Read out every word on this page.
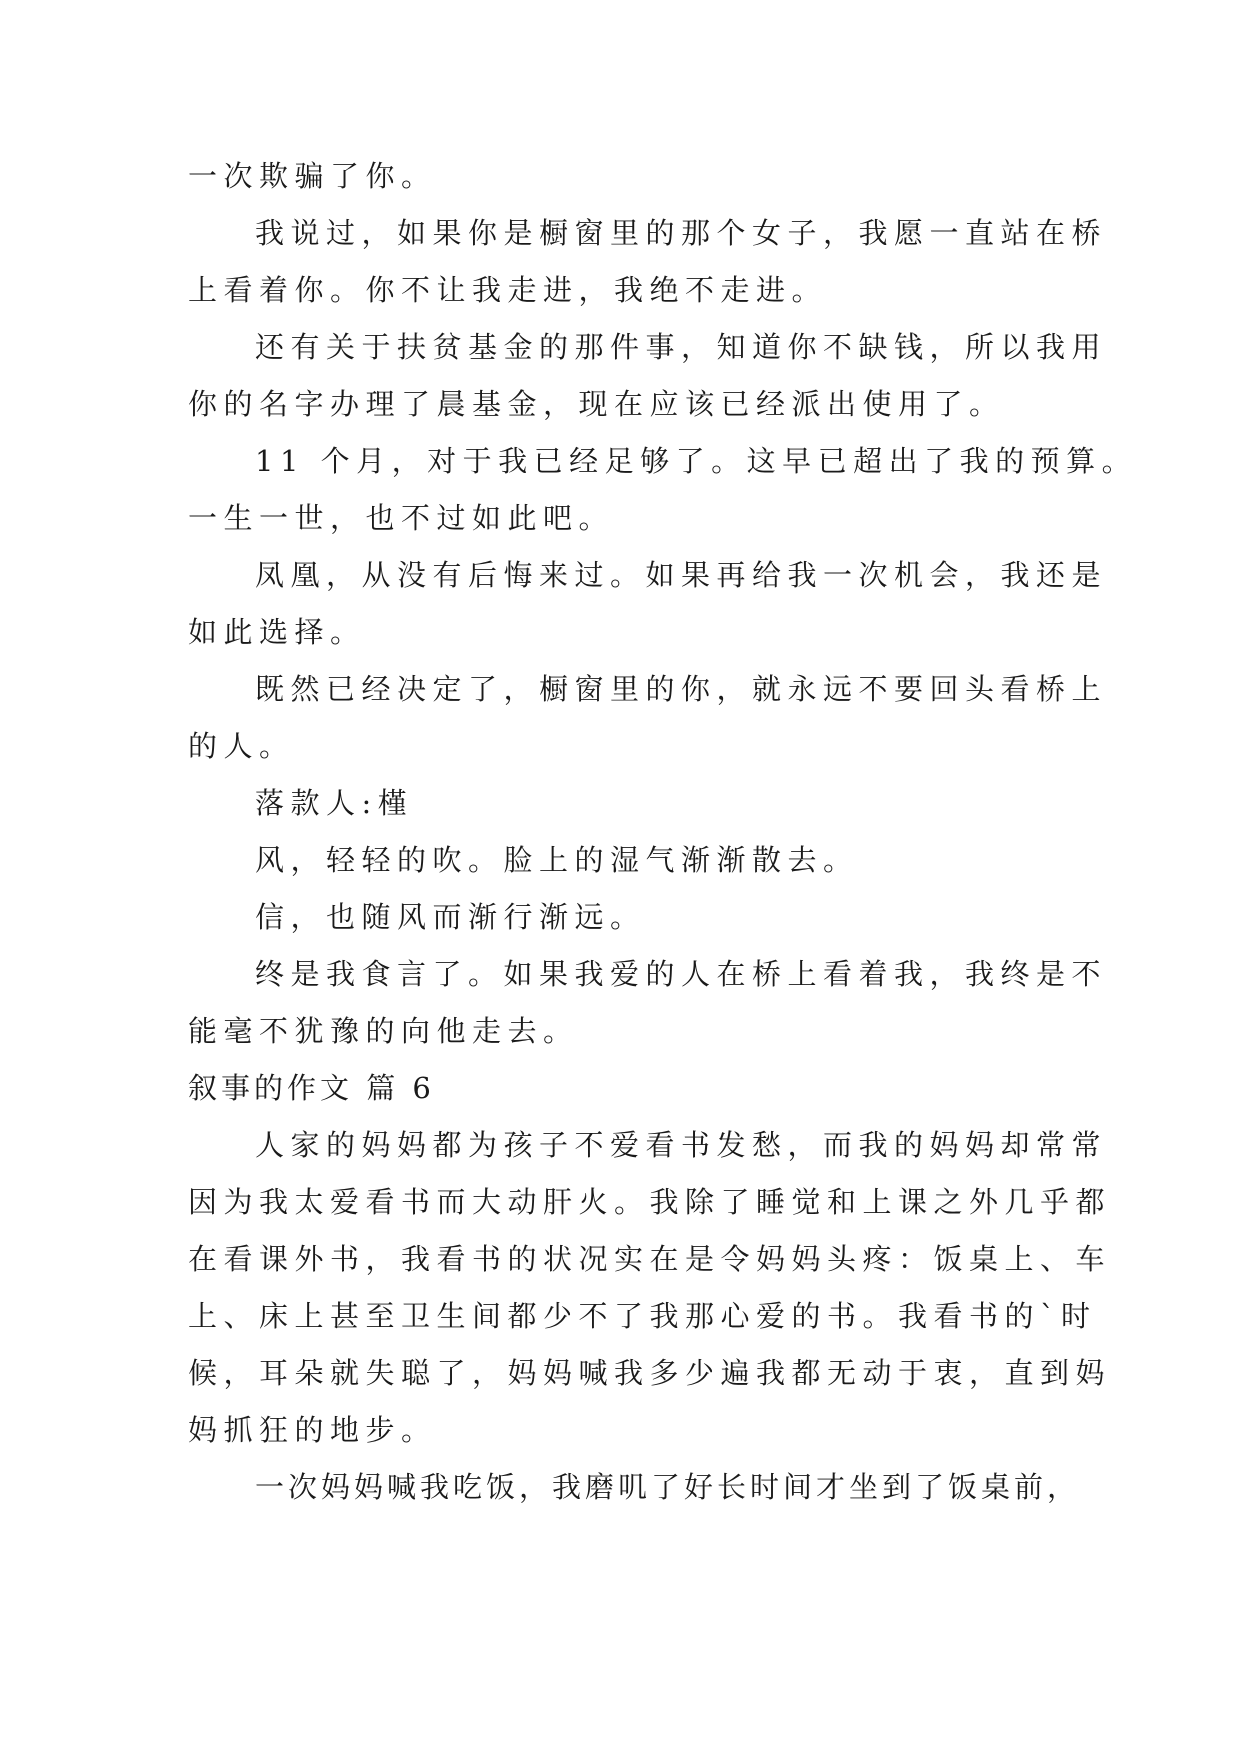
一次欺骗了你。
我说过，如果你是橱窗里的那个女子，我愿一直站在桥
上看着你。你不让我走进，我绝不走进。
还有关于扶贫基金的那件事，知道你不缺钱，所以我用
你的名字办理了晨基金，现在应该已经派出使用了。
11 个月，对于我已经足够了。这早已超出了我的预算。
一生一世，也不过如此吧。
凤凰，从没有后悔来过。如果再给我一次机会，我还是
如此选择。
既然已经决定了，橱窗里的你，就永远不要回头看桥上
的人。
落款人:槿
风，轻轻的吹。脸上的湿气渐渐散去。
信，也随风而渐行渐远。
终是我食言了。如果我爱的人在桥上看着我，我终是不
能毫不犹豫的向他走去。
叙事的作文 篇 6
人家的妈妈都为孩子不爱看书发愁，而我的妈妈却常常
因为我太爱看书而大动肝火。我除了睡觉和上课之外几乎都
在看课外书，我看书的状况实在是令妈妈头疼：饭桌上、车
上、床上甚至卫生间都少不了我那心爱的书。我看书的`时
候，耳朵就失聪了，妈妈喊我多少遍我都无动于衷，直到妈
妈抓狂的地步。
一次妈妈喊我吃饭，我磨叽了好长时间才坐到了饭桌前，
